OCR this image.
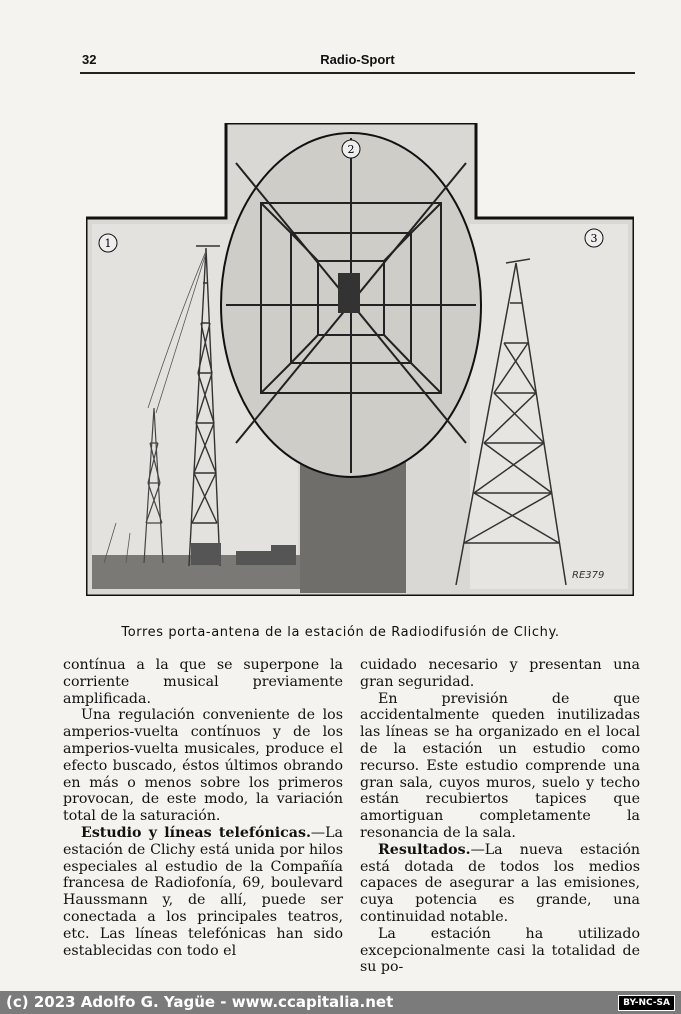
32	Radio-Sport
1
2
3
RE379
Torres porta-antena de la estación de Radiodifusión de Clichy.

contínua a la que se superpone la corriente musical previamente amplificada.

Una regulación conveniente de los amperios-vuelta contínuos y de los amperios-vuelta musicales, produce el efecto buscado, éstos últimos obrando en más o menos sobre los primeros provocan, de este modo, la variación total de la saturación.

Estudio y líneas telefónicas.—La estación de Clichy está unida por hilos especiales al estudio de la Compañía francesa de Radiofonía, 69, boulevard Haussmann y, de allí, puede ser conectada a los principales teatros, etc. Las líneas telefónicas han sido establecidas con todo el

cuidado necesario y presentan una gran seguridad.

En previsión de que accidentalmente queden inutilizadas las líneas se ha organizado en el local de la estación un estudio como recurso. Este estudio comprende una gran sala, cuyos muros, suelo y techo están recubiertos tapices que amortiguan completamente la resonancia de la sala.

Resultados.—La nueva estación está dotada de todos los medios capaces de asegurar a las emisiones, cuya potencia es grande, una continuidad notable.

La estación ha utilizado excepcionalmente casi la totalidad de su po-

(c) 2023 Adolfo G. Yagüe - www.ccapitalia.net	BY-NC-SA
